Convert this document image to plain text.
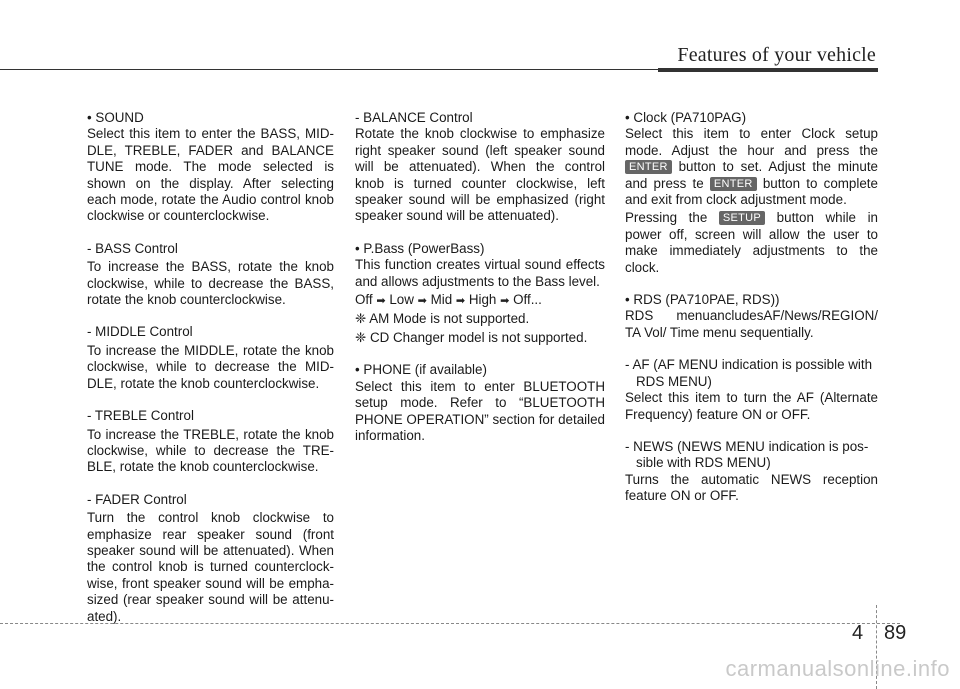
Features of your vehicle

• SOUND

Select this item to enter the BASS, MID-DLE, TREBLE, FADER and BALANCE TUNE mode. The mode selected is shown on the display. After selecting each mode, rotate the Audio control knob clockwise or counterclockwise.

- BASS Control

To increase the BASS, rotate the knob clockwise, while to decrease the BASS, rotate the knob counterclockwise.

- MIDDLE Control

To increase the MIDDLE, rotate the knob clockwise, while to decrease the MID-DLE, rotate the knob counterclockwise.

- TREBLE Control

To increase the TREBLE, rotate the knob clockwise, while to decrease the TRE-BLE, rotate the knob counterclockwise.

- FADER Control

Turn the control knob clockwise to emphasize rear speaker sound (front speaker sound will be attenuated). When the control knob is turned counterclock-wise, front speaker sound will be empha-sized (rear speaker sound will be attenu-ated).

- BALANCE Control

Rotate the knob clockwise to emphasize right speaker sound (left speaker sound will be attenuated). When the control knob is turned counter clockwise, left speaker sound will be emphasized (right speaker sound will be attenuated).

• P.Bass (PowerBass)

This function creates virtual sound effects and allows adjustments to the Bass level.

Off ➡ Low ➡ Mid ➡ High ➡ Off...

❈ AM Mode is not supported.

❈ CD Changer model is not supported.

• PHONE (if available)

Select this item to enter BLUETOOTH setup mode. Refer to “BLUETOOTH PHONE OPERATION” section for detailed information.

• Clock (PA710PAG)

Select this item to enter Clock setup mode. Adjust the hour and press the ENTER button to set. Adjust the minute and press te ENTER button to complete and exit from clock adjustment mode.

Pressing the SETUP button while in power off, screen will allow the user to make immediately adjustments to the clock.

• RDS (PA710PAE, RDS))

RDS menuancludesAF/News/REGION/ TA Vol/ Time menu sequentially.

- AF (AF MENU indication is possible with RDS MENU)

Select this item to turn the AF (Alternate Frequency) feature ON or OFF.

- NEWS (NEWS MENU indication is pos-sible with RDS MENU)

Turns the automatic NEWS reception feature ON or OFF.

4 89
carmanualsonline.info
